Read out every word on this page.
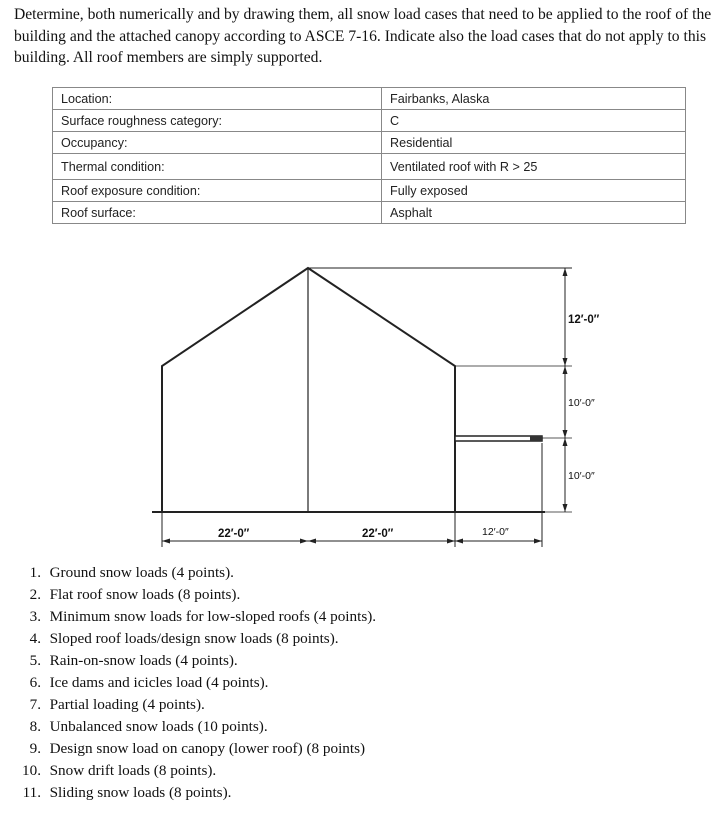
Determine, both numerically and by drawing them, all snow load cases that need to be applied to the roof of the building and the attached canopy according to ASCE 7-16. Indicate also the load cases that do not apply to this building. All roof members are simply supported.

Location:	Fairbanks, Alaska
Surface roughness category:	C
Occupancy:	Residential
Thermal condition:	Ventilated roof with R > 25
Roof exposure condition:	Fully exposed
Roof surface:	Asphalt
12′-0″
10′-0″
10′-0″
22′-0″	22′-0″	12′-0″
1.
Ground snow loads (4 points).
2.
Flat roof snow loads (8 points).
3.
Minimum snow loads for low-sloped roofs (4 points).
4.
Sloped roof loads/design snow loads (8 points).
5.
Rain-on-snow loads (4 points).
6.
Ice dams and icicles load (4 points).
7.
Partial loading (4 points).
8.
Unbalanced snow loads (10 points).
9.
Design snow load on canopy (lower roof) (8 points)
10.
Snow drift loads (8 points).
11.
Sliding snow loads (8 points).
